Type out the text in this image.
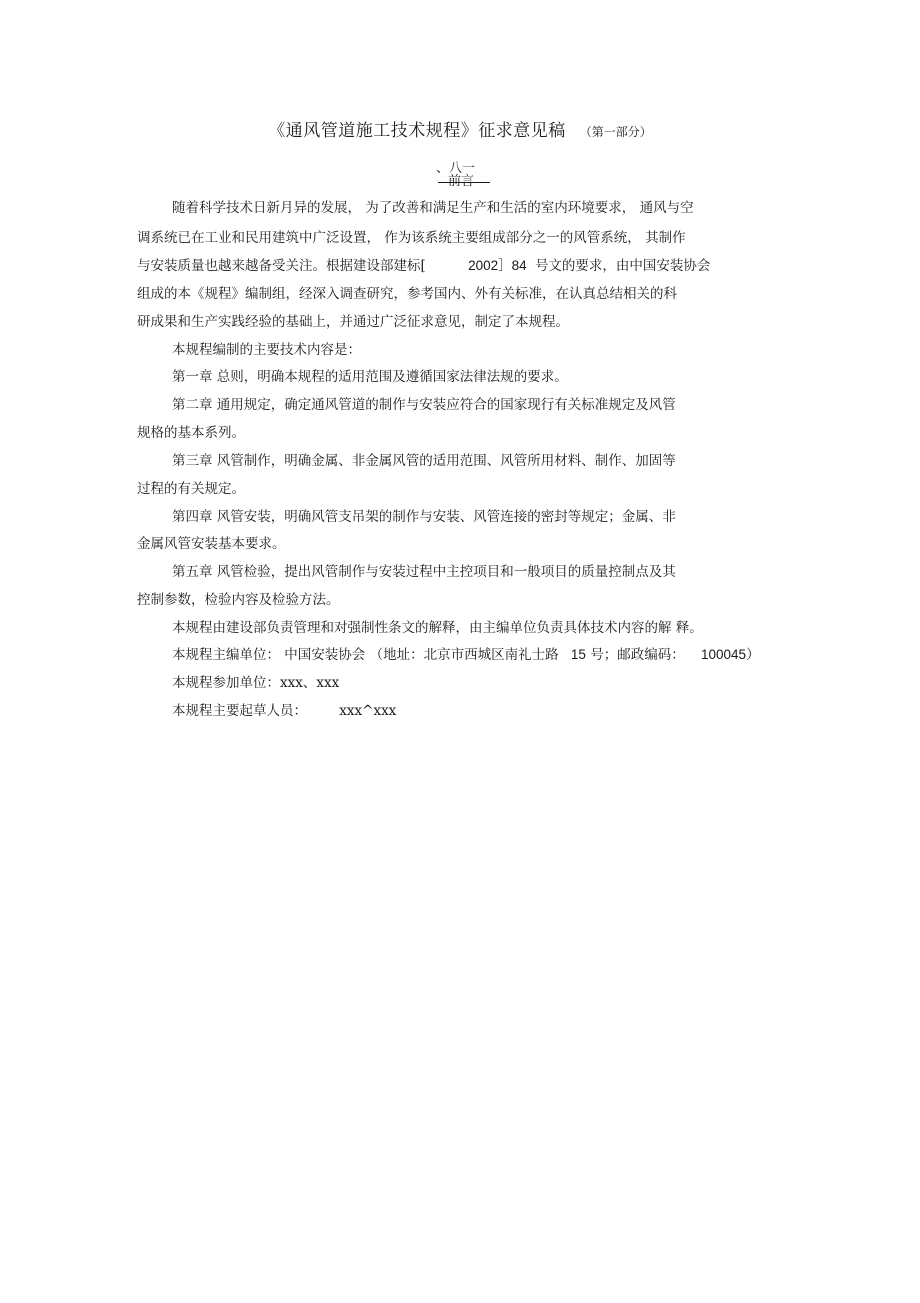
《通风管道施工技术规程》征求意见稿 （第一部分）
、八一
前言
随着科学技术日新月异的发展， 为了改善和满足生产和生活的室内环境要求， 通风与空
调系统已在工业和民用建筑中广泛设置， 作为该系统主要组成部分之一的风管系统， 其制作
与安装质量也越来越备受关注。根据建设部建标[	2002］84 号文的要求，由中国安装协会
组成的本《规程》编制组，经深入调查研究，参考国内、外有关标准，在认真总结相关的科
研成果和生产实践经验的基础上，并通过广泛征求意见，制定了本规程。
本规程编制的主要技术内容是：
第一章 总则，明确本规程的适用范围及遵循国家法律法规的要求。
第二章 通用规定，确定通风管道的制作与安装应符合的国家现行有关标准规定及风管
规格的基本系列。
第三章 风管制作，明确金属、非金属风管的适用范围、风管所用材料、制作、加固等
过程的有关规定。
第四章 风管安装，明确风管支吊架的制作与安装、风管连接的密封等规定；金属、非
金属风管安装基本要求。
第五章 风管检验，提出风管制作与安装过程中主控项目和一般项目的质量控制点及其
控制参数，检验内容及检验方法。
本规程由建设部负责管理和对强制性条文的解释，由主编单位负责具体技术内容的解 释。
本规程主编单位： 中国安装协会 （地址：北京市西城区南礼士路 15 号；邮政编码： 100045）
本规程参加单位：xxx、xxx
本规程主要起草人员： xxx^xxx
